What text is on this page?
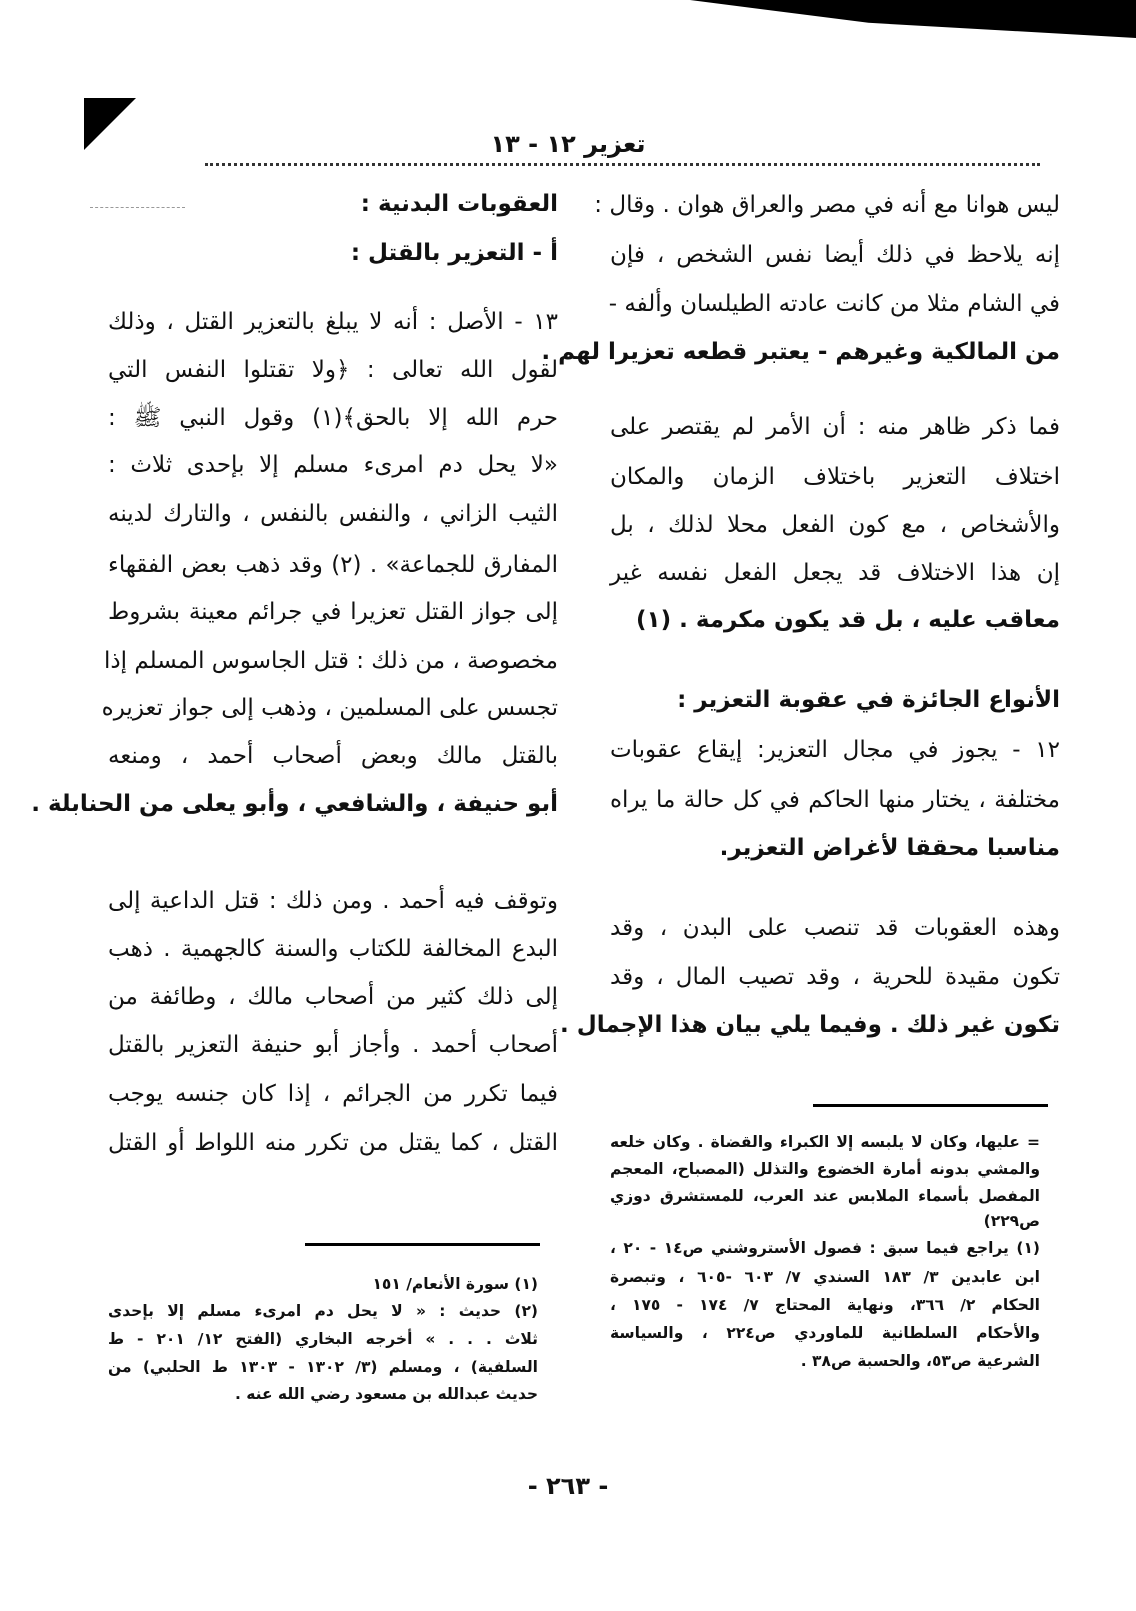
تعزير ١٢ - ١٣
ليس هوانا مع أنه في مصر والعراق هوان . وقال :
إنه يلاحظ في ذلك أيضا نفس الشخص ، فإن
في الشام مثلا من كانت عادته الطيلسان وألفه -
من المالكية وغيرهم - يعتبر قطعه تعزيرا لهم .
فما ذكر ظاهر منه : أن الأمر لم يقتصر على
اختلاف التعزير باختلاف الزمان والمكان
والأشخاص ، مع كون الفعل محلا لذلك ، بل
إن هذا الاختلاف قد يجعل الفعل نفسه غير
معاقب عليه ، بل قد يكون مكرمة . (١)
الأنواع الجائزة في عقوبة التعزير :
١٢ - يجوز في مجال التعزير: إيقاع عقوبات
مختلفة ، يختار منها الحاكم في كل حالة ما يراه
مناسبا محققا لأغراض التعزير.
وهذه العقوبات قد تنصب على البدن ، وقد
تكون مقيدة للحرية ، وقد تصيب المال ، وقد
تكون غير ذلك . وفيما يلي بيان هذا الإجمال .
= عليها، وكان لا يلبسه إلا الكبراء والقضاة . وكان خلعه
والمشي بدونه أمارة الخضوع والتذلل (المصباح، المعجم
المفصل بأسماء الملابس عند العرب، للمستشرق دوزي
ص٢٢٩)
(١) يراجع فيما سبق : فصول الأستروشني ص١٤ - ٢٠ ،
ابن عابدين ٣/ ١٨٣ السندي ٧/ ٦٠٣ -٦٠٥ ، وتبصرة
الحكام ٢/ ٣٦٦، ونهاية المحتاج ٧/ ١٧٤ - ١٧٥ ،
والأحكام السلطانية للماوردي ص٢٢٤ ، والسياسة
الشرعية ص٥٣، والحسبة ص٣٨ .
العقوبات البدنية :
أ - التعزير بالقتل :
١٣ - الأصل : أنه لا يبلغ بالتعزير القتل ، وذلك
لقول الله تعالى : ﴿ولا تقتلوا النفس التي
حرم الله إلا بالحق﴾(١) وقول النبي ﷺ :
«لا يحل دم امرىء مسلم إلا بإحدى ثلاث :
الثيب الزاني ، والنفس بالنفس ، والتارك لدينه
المفارق للجماعة» . (٢) وقد ذهب بعض الفقهاء
إلى جواز القتل تعزيرا في جرائم معينة بشروط
مخصوصة ، من ذلك : قتل الجاسوس المسلم إذا
تجسس على المسلمين ، وذهب إلى جواز تعزيره
بالقتل مالك وبعض أصحاب أحمد ، ومنعه
أبو حنيفة ، والشافعي ، وأبو يعلى من الحنابلة .
وتوقف فيه أحمد . ومن ذلك : قتل الداعية إلى
البدع المخالفة للكتاب والسنة كالجهمية . ذهب
إلى ذلك كثير من أصحاب مالك ، وطائفة من
أصحاب أحمد . وأجاز أبو حنيفة التعزير بالقتل
فيما تكرر من الجرائم ، إذا كان جنسه يوجب
القتل ، كما يقتل من تكرر منه اللواط أو القتل
(١) سورة الأنعام/ ١٥١
(٢) حديث : « لا يحل دم امرىء مسلم إلا بإحدى
ثلاث . . . » أخرجه البخاري (الفتح ١٢/ ٢٠١ - ط
السلفية) ، ومسلم (٣/ ١٣٠٢ - ١٣٠٣ ط الحلبي) من
حديث عبدالله بن مسعود رضي الله عنه .
- ٢٦٣ -
